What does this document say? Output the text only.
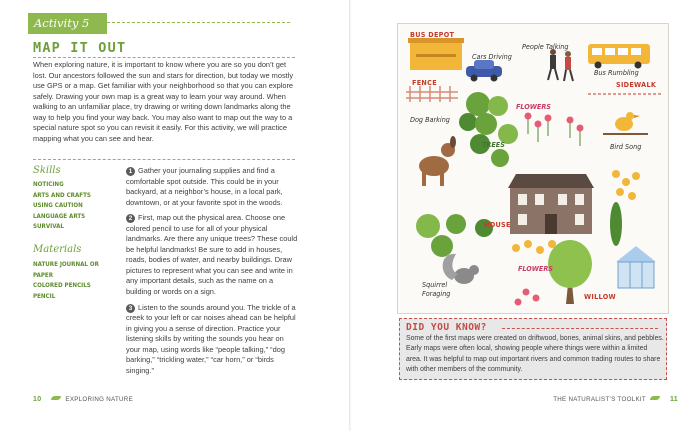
Activity 5
MAP IT OUT
When exploring nature, it is important to know where you are so you don’t get lost. Our ancestors followed the sun and stars for direction, but today we mostly use GPS or a map. Get familiar with your neighborhood so that you can explore safely. Drawing your own map is a great way to learn your way around. When walking to an unfamiliar place, try drawing or writing down landmarks along the way to help you find your way back. You may also want to map out the way to a special nature spot so you can revisit it easily. For this activity, we will practice mapping what you can see and hear.
Skills
NOTICING
ARTS AND CRAFTS
USING CAUTION
LANGUAGE ARTS
SURVIVAL
Materials
NATURE JOURNAL OR PAPER
COLORED PENCILS
PENCIL

1 Gather your journaling supplies and find a comfortable spot outside. This could be in your backyard, at a neighbor’s house, in a local park, downtown, or at your favorite spot in the woods.

2 First, map out the physical area. Choose one colored pencil to use for all of your physical landmarks. Are there any unique trees? These could be helpful landmarks! Be sure to add in houses, roads, bodies of water, and nearby buildings. Draw pictures to represent what you can see and write in any important details, such as the name on a building or words on a sign.

3 Listen to the sounds around you. The trickle of a creek to your left or car noises ahead can be helpful in giving you a sense of direction. Practice your listening skills by writing the sounds you hear on your map, using words like “people talking,” “dog barking,” “trickling water,” “car horn,” or “birds singing.”

10	EXPLORING NATURE
BUS DEPOT
Cars Driving
People Talking
Bus Rumbling
FENCE	SIDEWALK
FLOWERS
Dog Barking
TREES	Bird Song
HOUSE
FLOWERS
Squirrel
Foraging	WILLOW
DID YOU KNOW?
Some of the first maps were created on driftwood, bones, animal skins, and pebbles. Early maps were often local, showing people where things were within a limited area. It was helpful to map out important rivers and common trading routes to share with other members of the community.
THE NATURALIST’S TOOLKIT	11
